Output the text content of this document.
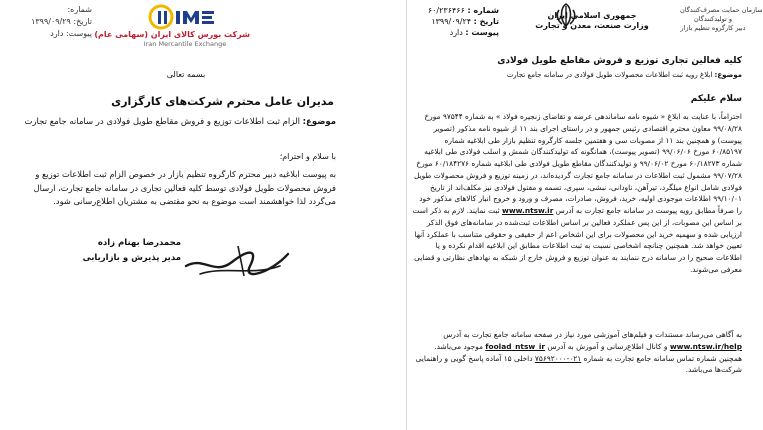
شماره:
تاریخ: ۱۳۹۹/۰۹/۲۹
پیوست: دارد	شرکت بورس کالای ایران (سهامی عام)
Iran Mercantile Exchange
بسمه تعالی
مدیران عامل محترم شرکت‌های کارگزاری
موضوع: الزام ثبت اطلاعات توزیع و فروش مقاطع طویل فولادی در سامانه جامع تجارت
با سلام و احترام؛
به پیوست ابلاغیه دبیر محترم کارگروه تنظیم بازار در خصوص الزام ثبت اطلاعات توزیع و فروش محصولات طویل فولادی توسط کلیه فعالین تجاری در سامانه جامع تجارت، ارسال می‌گردد لذا خواهشمند است موضوع به نحو مقتضی به مشتریان اطلاع‌رسانی شود.
محمدرضا بهنام زاده
مدیر پذیرش و بازاریابی
شماره : ۶۰/۲۳۶۴۶۶
تاریخ : ۱۳۹۹/۰۹/۲۴
پیوست : دارد
جمهوری اسلامی ایران
وزارت صنعت، معدن و تجارت
سازمان حمایت مصرف‌کنندگان
و تولیدکنندگان
دبیر کارگروه تنظیم بازار
کلیه فعالین تجاری توزیع و فروش مقاطع طویل فولادی
موضوع: ابلاغ رویه ثبت اطلاعات محصولات طویل فولادی در سامانه جامع تجارت
سلام علیکم
احتراماً، با عنایت به ابلاغ « شیوه نامه ساماندهی عرضه و تقاضای زنجیره فولاد » به شماره ۹۷۵۴۴ مورخ ۹۹/۰۸/۲۸ معاون محترم اقتصادی رئیس جمهور و در راستای اجرای بند ۱۱ از شیوه نامه مذکور (تصویر پیوست) و همچنین بند ۱۱ از مصوبات سی و هفتمین جلسه کارگروه تنظیم بازار طی ابلاغیه شماره ۶۰/۸۵۱۹۷ مورخ ۹۹/۰۶/۰۶ (تصویر پیوست)، همانگونه که تولیدکنندگان شمش و اسلب فولادی طی ابلاغیه شماره ۶۰/۱۸۲۷۳ مورخ ۹۹/۰۶/۰۲ و تولیدکنندگان مقاطع طویل فولادی طی ابلاغیه شماره ۶۰/۱۸۴۲۷۶ مورخ ۹۹/۰۷/۲۸ مشمول ثبت اطلاعات در سامانه جامع تجارت گردیده‌اند، در زمینه توزیع و فروش محصولات طویل فولادی شامل انواع میلگرد، تیرآهن، ناودانی، نبشی، سپری، تسمه و مفتول فولادی نیز مکلف‌اند از تاریخ ۹۹/۱۰/۰۱ اطلاعات موجودی اولیه، خرید، فروش، صادرات، مصرف و ورود و خروج انبار کالاهای مذکور خود را صرفاً مطابق رویه پیوست در سامانه جامع تجارت به آدرس www.ntsw.ir ثبت نمایند. لازم به ذکر است بر اساس این مصوبات، از این پس عملکرد فعالین بر اساس اطلاعات ثبت‌شده در سامانه‌های فوق الذکر ارزیابی شده و سهمیه خرید این محصولات برای این اشخاص اعم از حقیقی و حقوقی متناسب با عملکرد آنها تعیین خواهد شد. همچنین چنانچه اشخاصی نسبت به ثبت اطلاعات مطابق این ابلاغیه اقدام نکرده و یا اطلاعات صحیح را در سامانه درج ننمایند به عنوان توزیع و فروش خارج از شبکه به نهادهای نظارتی و قضایی معرفی می‌شوند.
به آگاهی می‌رساند مستندات و فیلم‌های آموزشی مورد نیاز در صفحه سامانه جامع تجارت به آدرس www.ntsw.ir/help و کانال اطلاع‌رسانی و آموزش به آدرس foolad_ntsw_ir موجود می‌باشد. همچنین شماره تماس سامانه جامع تجارت به شماره ۰۲۱-۷۵۶۹۲۰۰۰ داخلی ۱۵ آماده پاسخ گویی و راهنمایی شرکت‌ها می‌باشد.
